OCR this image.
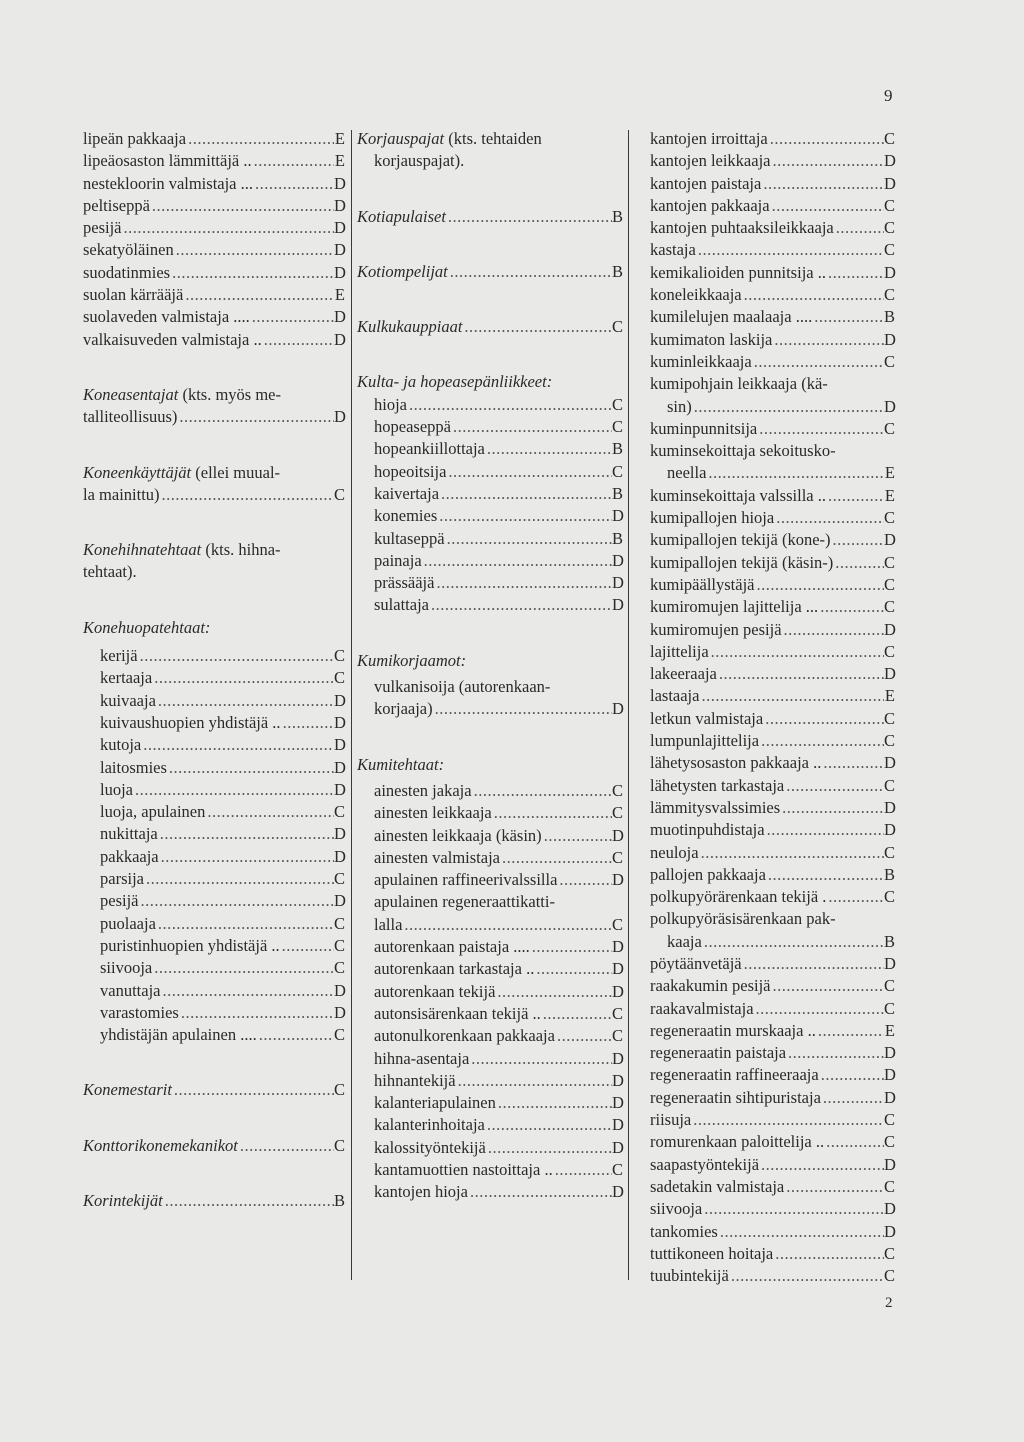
9
lipeän pakkaaja .....	E
lipeäosaston lämmittäjä .. .....	E
nestekloorin valmistaja ... .....	D
peltiseppä .....	D
pesijä .....	D
sekatyöläinen .....	D
suodatinmies .....	D
suolan kärrääjä .....	E
suolaveden valmistaja .... .....	D
valkaisuveden valmistaja .. .....	D
Koneasentajat (kts. myös me-
talliteollisuus) .....	D
Koneenkäyttäjät (ellei muual-
la mainittu) .....	C
Konehihnatehtaat (kts. hihna-
tehtaat).
Konehuopatehtaat:
kerijä .....	C
kertaaja .....	C
kuivaaja .....	D
kuivaushuopien yhdistäjä .. .....	D
kutoja .....	D
laitosmies .....	D
luoja .....	D
luoja, apulainen .....	C
nukittaja .....	D
pakkaaja .....	D
parsija .....	C
pesijä .....	D
puolaaja .....	C
puristinhuopien yhdistäjä .. .....	C
siivooja .....	C
vanuttaja .....	D
varastomies .....	D
yhdistäjän apulainen .... .....	C
Konemestarit .....	C
Konttorikonemekanikot .....	C
Korintekijät .....	B
Korjauspajat (kts. tehtaiden
korjauspajat).
Kotiapulaiset .....	B
Kotiompelijat .....	B
Kulkukauppiaat .....	C
Kulta- ja hopeasepänliikkeet:
hioja .....	C
hopeaseppä .....	C
hopeankiillottaja .....	B
hopeoitsija .....	C
kaivertaja .....	B
konemies .....	D
kultaseppä .....	B
painaja .....	D
prässääjä .....	D
sulattaja .....	D
Kumikorjaamot:
vulkanisoija (autorenkaan-
korjaaja) .....	D
Kumitehtaat:
ainesten jakaja .....	C
ainesten leikkaaja .....	C
ainesten leikkaaja (käsin) .....	D
ainesten valmistaja .....	C
apulainen raffineerivalssilla .....	D
apulainen regeneraattikatti-
lalla .....	C
autorenkaan paistaja .... .....	D
autorenkaan tarkastaja .. .....	D
autorenkaan tekijä .....	D
autonsisärenkaan tekijä .. .....	C
autonulkorenkaan pakkaaja .....	C
hihna-asentaja .....	D
hihnantekijä .....	D
kalanteriapulainen .....	D
kalanterinhoitaja .....	D
kalossityöntekijä .....	D
kantamuottien nastoittaja .. .....	C
kantojen hioja .....	D
kantojen irroittaja .....	C
kantojen leikkaaja .....	D
kantojen paistaja .....	D
kantojen pakkaaja .....	C
kantojen puhtaaksileikkaaja .....	C
kastaja .....	C
kemikalioiden punnitsija .. .....	D
koneleikkaaja .....	C
kumilelujen maalaaja .... .....	B
kumimaton laskija .....	D
kuminleikkaaja .....	C
kumipohjain leikkaaja (kä-
sin) .....	D
kuminpunnitsija .....	C
kuminsekoittaja sekoitusko-
neella .....	E
kuminsekoittaja valssilla .. .....	E
kumipallojen hioja .....	C
kumipallojen tekijä (kone-) .....	D
kumipallojen tekijä (käsin-) .....	C
kumipäällystäjä .....	C
kumiromujen lajittelija ... .....	C
kumiromujen pesijä .....	D
lajittelija .....	C
lakeeraaja .....	D
lastaaja .....	E
letkun valmistaja .....	C
lumpunlajittelija .....	C
lähetysosaston pakkaaja .. .....	D
lähetysten tarkastaja .....	C
lämmitysvalssimies .....	D
muotinpuhdistaja .....	D
neuloja .....	C
pallojen pakkaaja .....	B
polkupyörärenkaan tekijä . .....	C
polkupyöräsisärenkaan pak-
kaaja .....	B
pöytäänvetäjä .....	D
raakakumin pesijä .....	C
raakavalmistaja .....	C
regeneraatin murskaaja .. .....	E
regeneraatin paistaja .....	D
regeneraatin raffineeraaja .....	D
regeneraatin sihtipuristaja .....	D
riisuja .....	C
romurenkaan paloittelija .. .....	C
saapastyöntekijä .....	D
sadetakin valmistaja .....	C
siivooja .....	D
tankomies .....	D
tuttikoneen hoitaja .....	C
tuubintekijä .....	C
2
